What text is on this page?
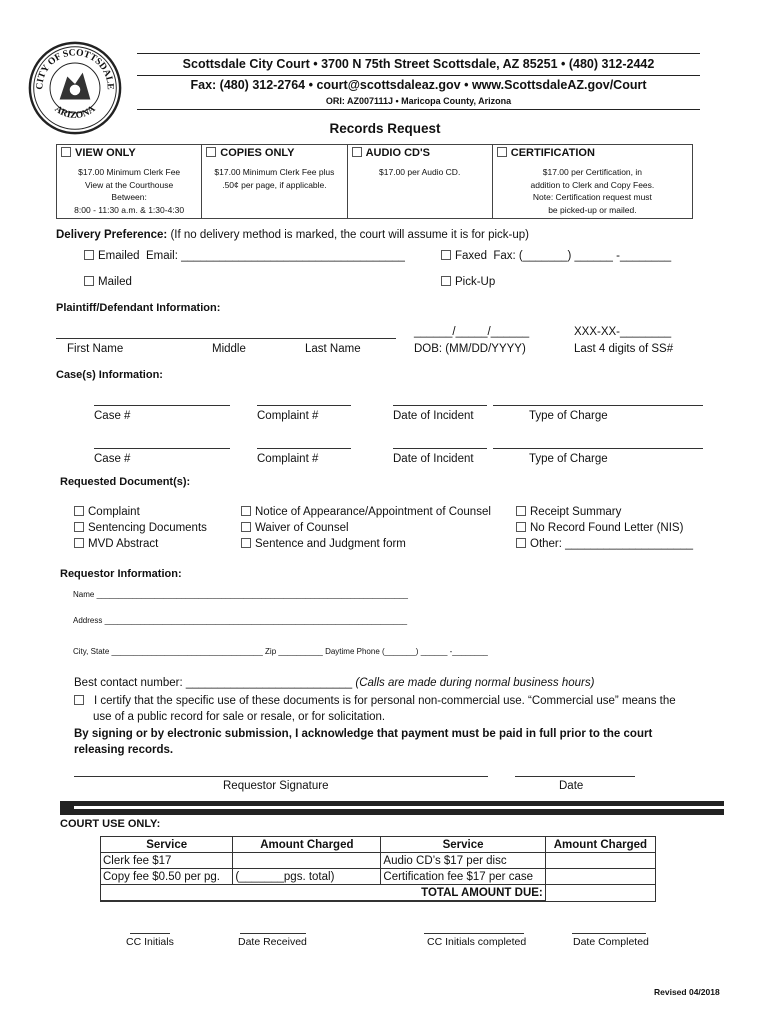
CITY OF SCOTTSDALE
ARIZONA
Scottsdale City Court • 3700 N 75th Street Scottsdale, AZ 85251 • (480) 312-2442
Fax: (480) 312-2764 • court@scottsdaleaz.gov • www.ScottsdaleAZ.gov/Court
ORI: AZ007111J • Maricopa County, Arizona
Records Request
VIEW ONLY
$17.00 Minimum Clerk Fee
View at the Courthouse
Between:
8:00 - 11:30 a.m. & 1:30-4:30

COPIES ONLY
$17.00 Minimum Clerk Fee plus
.50¢ per page, if applicable.

AUDIO CD'S
$17.00 per Audio CD.

CERTIFICATION
$17.00 per Certification, in
addition to Clerk and Copy Fees.
Note: Certification request must
be picked-up or mailed.
Delivery Preference: (If no delivery method is marked, the court will assume it is for pick-up)
Emailed Email: ___________________________________	Faxed Fax: (_______) ______ -________
Mailed	Pick-Up
Plaintiff/Defendant Information:
______/_____/______	XXX-XX-________
First Name	Middle	Last Name	DOB: (MM/DD/YYYY)	Last 4 digits of SS#
Case(s) Information:
Case #	Complaint #	Date of Incident	Type of Charge
Case #	Complaint #	Date of Incident	Type of Charge
Requested Document(s):
Complaint
Sentencing Documents
MVD Abstract
Notice of Appearance/Appointment of Counsel
Waiver of Counsel
Sentence and Judgment form
Receipt Summary
No Record Found Letter (NIS)
Other: ____________________
Requestor Information:
Name ______________________________________________________________________
Address ____________________________________________________________________
City, State __________________________________ Zip __________ Daytime Phone (_______) ______ -________
Best contact number: __________________________ (Calls are made during normal business hours)
I certify that the specific use of these documents is for personal non-commercial use. “Commercial use” means the
use of a public record for sale or resale, or for solicitation.
By signing or by electronic submission, I acknowledge that payment must be paid in full prior to the court
releasing records.
Requestor Signature	Date
COURT USE ONLY:
Service	Amount Charged	Service	Amount Charged
Clerk fee $17		Audio CD’s $17 per disc	
Copy fee $0.50 per pg.	(_______pgs. total)	Certification fee $17 per case	
TOTAL AMOUNT DUE:			
CC Initials	Date Received	CC Initials completed	Date Completed
Revised 04/2018
